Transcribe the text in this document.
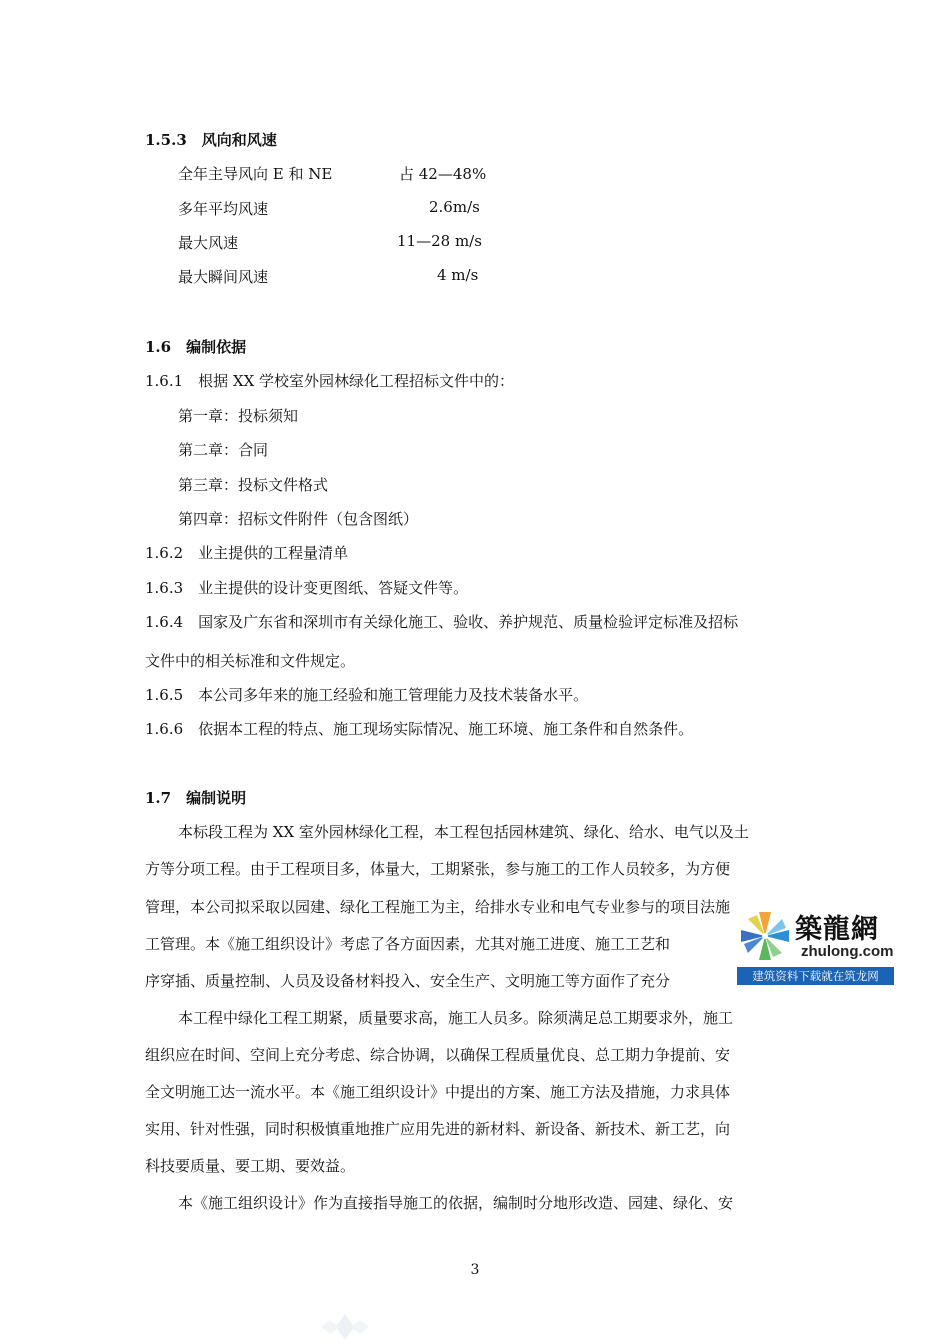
1.5.3　风向和风速
全年主导风向 E 和 NE	占 42—48%
多年平均风速	2.6m/s
最大风速	11—28 m/s
最大瞬间风速	4 m/s
1.6　编制依据
1.6.1　根据 XX 学校室外园林绿化工程招标文件中的：
第一章：投标须知
第二章：合同
第三章：投标文件格式
第四章：招标文件附件（包含图纸）
1.6.2　业主提供的工程量清单
1.6.3　业主提供的设计变更图纸、答疑文件等。
1.6.4　国家及广东省和深圳市有关绿化施工、验收、养护规范、质量检验评定标准及招标
文件中的相关标准和文件规定。
1.6.5　本公司多年来的施工经验和施工管理能力及技术装备水平。
1.6.6　依据本工程的特点、施工现场实际情况、施工环境、施工条件和自然条件。
1.7　编制说明
本标段工程为 XX 室外园林绿化工程，本工程包括园林建筑、绿化、给水、电气以及土
方等分项工程。由于工程项目多，体量大，工期紧张，参与施工的工作人员较多，为方便
管理，本公司拟采取以园建、绿化工程施工为主，给排水专业和电气专业参与的项目法施
工管理。本《施工组织设计》考虑了各方面因素，尤其对施工进度、施工工艺和
序穿插、质量控制、人员及设备材料投入、安全生产、文明施工等方面作了充分
本工程中绿化工程工期紧，质量要求高，施工人员多。除须满足总工期要求外，施工
组织应在时间、空间上充分考虑、综合协调，以确保工程质量优良、总工期力争提前、安
全文明施工达一流水平。本《施工组织设计》中提出的方案、施工方法及措施，力求具体
实用、针对性强，同时积极慎重地推广应用先进的新材料、新设备、新技术、新工艺，向
科技要质量、要工期、要效益。
本《施工组织设计》作为直接指导施工的依据，编制时分地形改造、园建、绿化、安
3
築龍網
zhulong.com
建筑资料下载就在筑龙网
